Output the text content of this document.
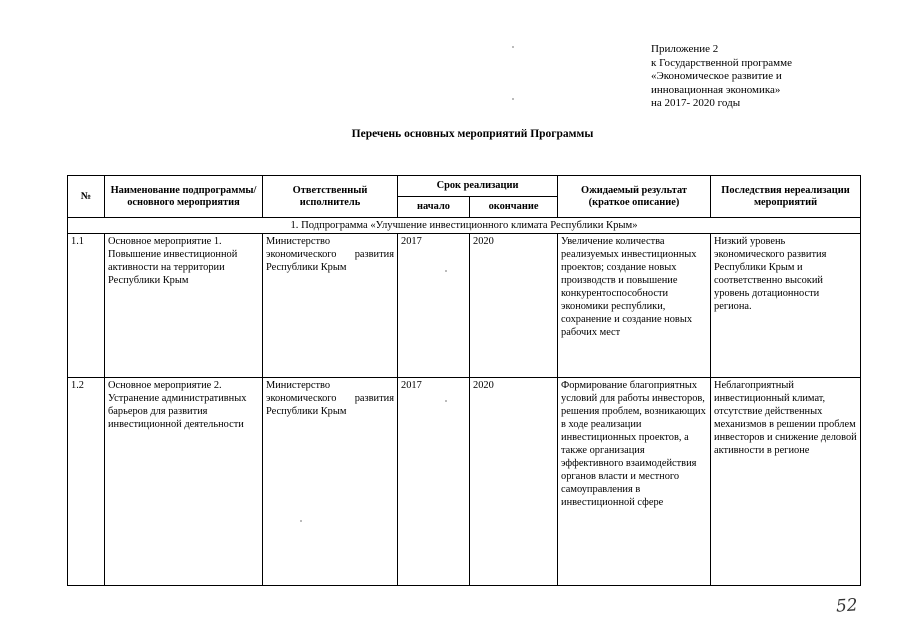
Приложение 2
к Государственной программе
«Экономическое развитие и
инновационная экономика»
на 2017- 2020 годы
Перечень основных мероприятий Программы
№	Наименование подпрограммы/ основного мероприятия	Ответственный исполнитель	Срок реализации		Ожидаемый результат (краткое описание)	Последствия нереализации мероприятий
			начало	окончание		
1. Подпрограмма «Улучшение инвестиционного климата Республики Крым»						
1.1	Основное мероприятие 1. Повышение инвестиционной активности на территории Республики Крым	Министерство экономического развития Республики Крым	2017	2020	Увеличение количества реализуемых инвестиционных проектов; создание новых производств и повышение конкурентоспособности экономики республики, сохранение и создание новых рабочих мест	Низкий уровень экономического развития Республики Крым и соответственно высокий уровень дотационности региона.
1.2	Основное мероприятие 2. Устранение административных барьеров для развития инвестиционной деятельности	Министерство экономического развития Республики Крым	2017	2020	Формирование благоприятных условий для работы инвесторов, решения проблем, возникающих в ходе реализации инвестиционных проектов, а также организация эффективного взаимодействия органов власти и местного самоуправления в инвестиционной сфере	Неблагоприятный инвестиционный климат, отсутствие действенных механизмов в решении проблем инвесторов и снижение деловой активности в регионе
52
